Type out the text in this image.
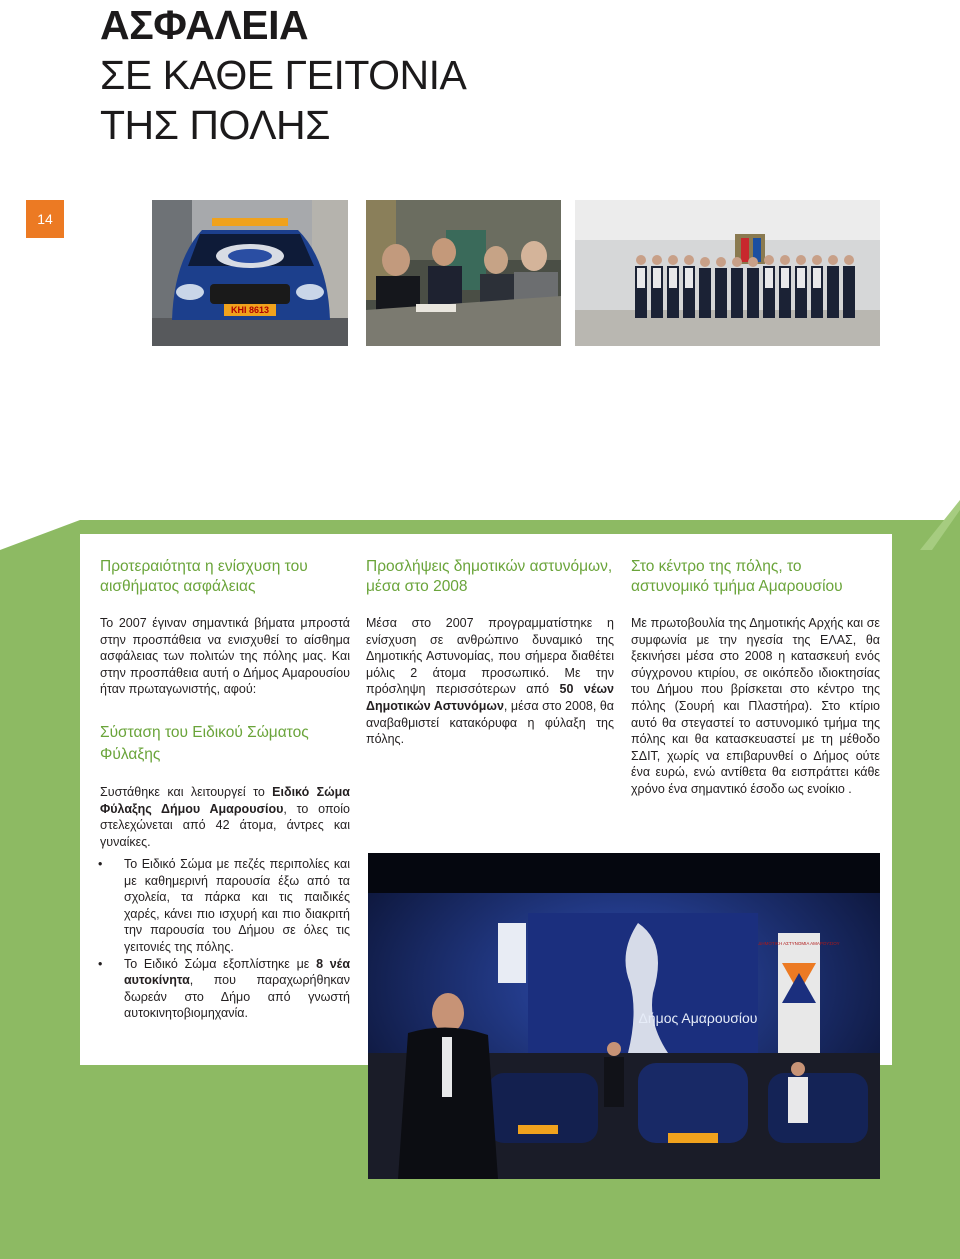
ΑΣΦΑΛΕΙΑ
ΣΕ ΚΑΘΕ ΓΕΙΤΟΝΙΑ
ΤΗΣ ΠΟΛΗΣ
14
ΚΗΙ 8613
Προτεραιότητα η ενίσχυση του αισθήματος ασφάλειας

Το 2007 έγιναν σημαντικά βήματα μπροστά στην προσπάθεια να ενισχυθεί το αίσθημα ασφάλειας των πολιτών της πόλης μας. Και στην προσπάθεια αυτή ο Δήμος Αμαρουσίου ήταν πρωταγωνιστής, αφού:

Σύσταση του Ειδικού Σώματος Φύλαξης

Συστάθηκε και λειτουργεί το Ειδικό Σώμα Φύλαξης Δήμου Αμαρουσίου, το οποίο στελεχώνεται από 42 άτομα, άντρες και γυναίκες.

• Το Ειδικό Σώμα με πεζές περιπολίες και με καθημερινή παρουσία έξω από τα σχολεία, τα πάρκα και τις παιδικές χαρές, κάνει πιο ισχυρή και πιο διακριτή την παρουσία του Δήμου σε όλες τις γειτονιές της πόλης.
• Το Ειδικό Σώμα εξοπλίστηκε με 8 νέα αυτοκίνητα, που παραχωρήθηκαν δωρεάν στο Δήμο από γνωστή αυτοκινητοβιομηχανία.
Προσλήψεις δημοτικών αστυνόμων, μέσα στο 2008

Μέσα στο 2007 προγραμματίστηκε η ενίσχυση σε ανθρώπινο δυναμικό της Δημοτικής Αστυνομίας, που σήμερα διαθέτει μόλις 2 άτομα προσωπικό. Με την πρόσληψη περισσότερων από 50 νέων Δημοτικών Αστυνόμων, μέσα στο 2008, θα αναβαθμιστεί κατακόρυφα η φύλαξη της πόλης.

Στο κέντρο της πόλης, το αστυνομικό τμήμα Αμαρουσίου

Με πρωτοβουλία της Δημοτικής Αρχής και σε συμφωνία με την ηγεσία της ΕΛΑΣ, θα ξεκινήσει μέσα στο 2008 η κατασκευή ενός σύγχρονου κτιρίου, σε οικόπεδο ιδιοκτησίας του Δήμου που βρίσκεται στο κέντρο της πόλης (Σουρή και Πλαστήρα). Στο κτίριο αυτό θα στεγαστεί το αστυνομικό τμήμα της πόλης και θα κατασκευαστεί με τη μέθοδο ΣΔΙΤ, χωρίς να επιβαρυνθεί ο Δήμος ούτε ένα ευρώ, ενώ αντίθετα θα εισπράττει κάθε χρόνο ένα σημαντικό έσοδο ως ενοίκιο .

Δήμος Αμαρουσίου
ΔΗΜΟΤΙΚΗ ΑΣΤΥΝΟΜΙΑ ΑΜΑΡΟΥΣΙΟΥ
